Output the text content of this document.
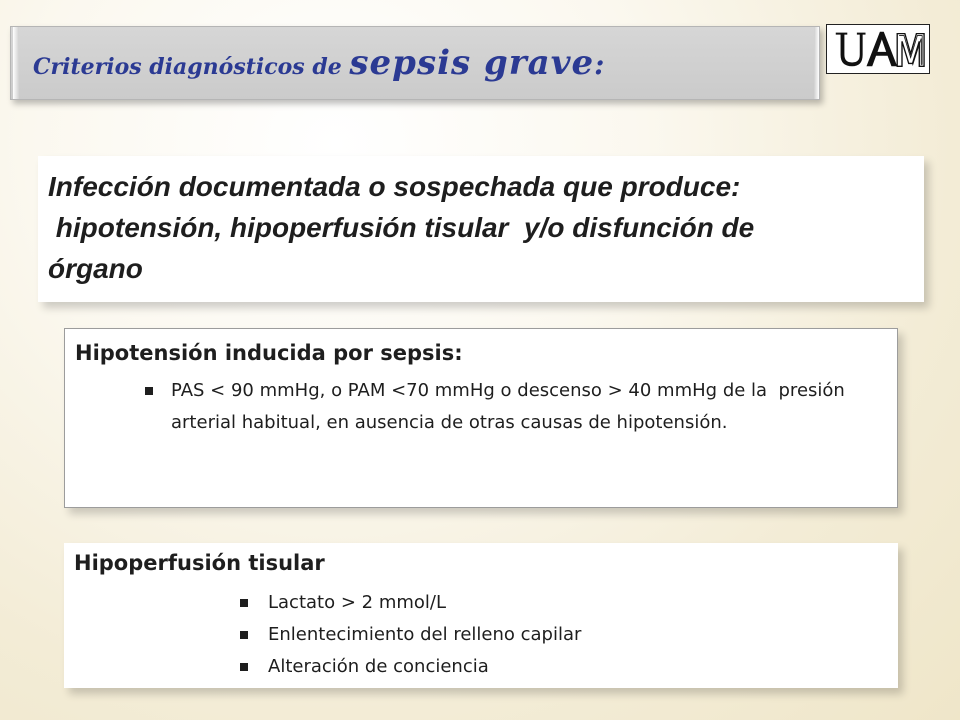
Criterios diagnósticos de sepsis grave:
Infección documentada o sospechada que produce:
hipotensión, hipoperfusión tisular  y/o disfunción de
órgano
Hipotensión inducida por sepsis:
PAS < 90 mmHg, o PAM <70 mmHg o descenso > 40 mmHg de la  presión arterial habitual, en ausencia de otras causas de hipotensión.
Hipoperfusión tisular
Lactato > 2 mmol/L
Enlentecimiento del relleno capilar
Alteración de conciencia
